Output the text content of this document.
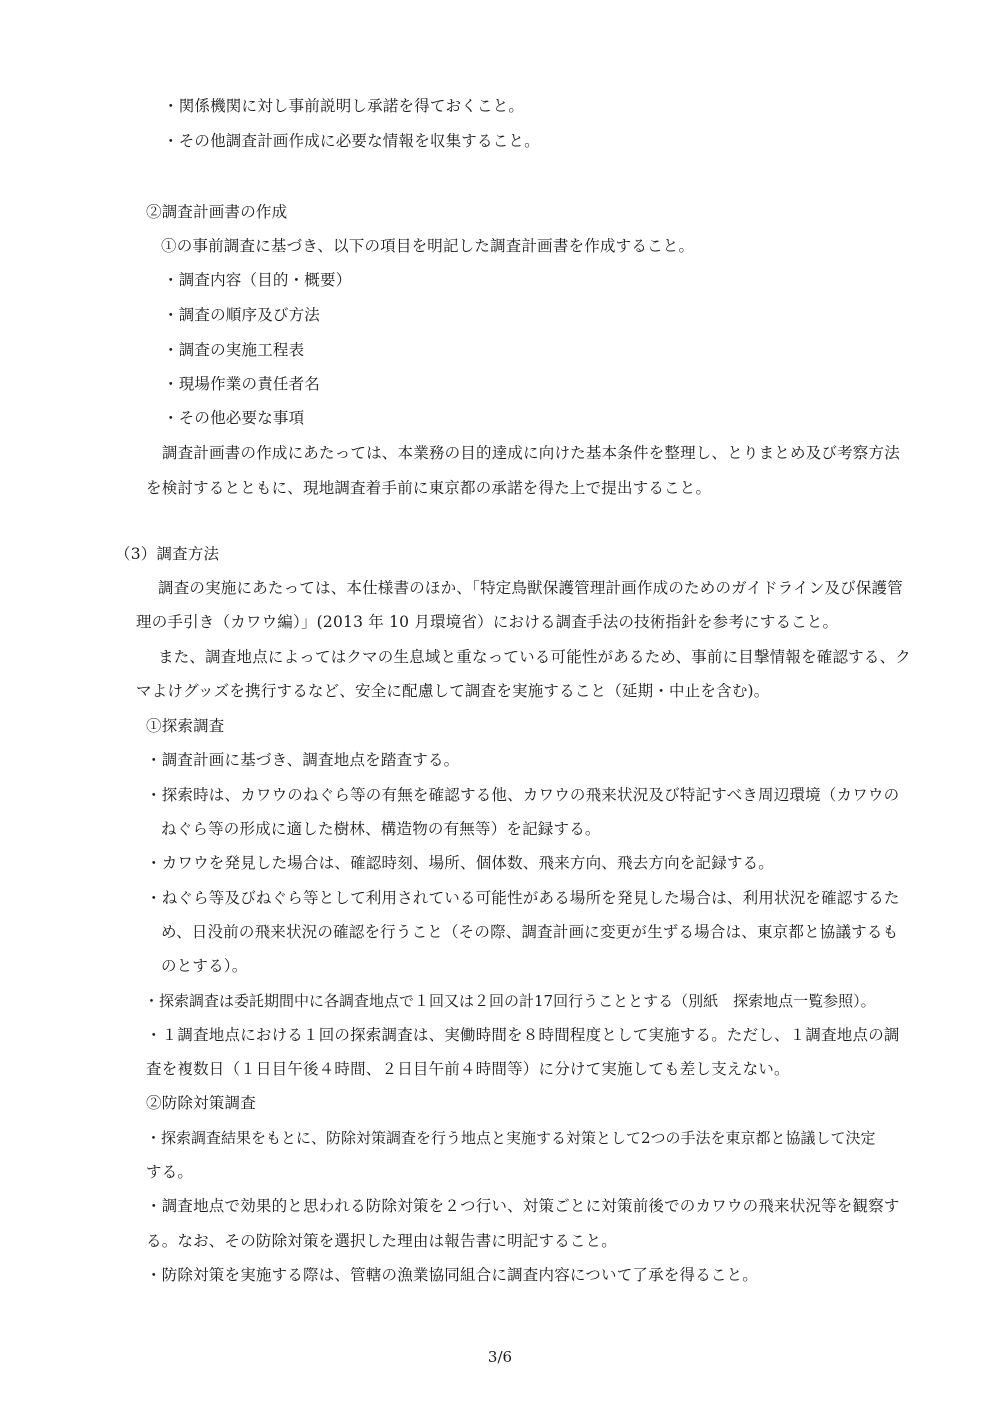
・関係機関に対し事前説明し承諾を得ておくこと。
・その他調査計画作成に必要な情報を収集すること。
②調査計画書の作成
①の事前調査に基づき、以下の項目を明記した調査計画書を作成すること。
・調査内容（目的・概要）
・調査の順序及び方法
・調査の実施工程表
・現場作業の責任者名
・その他必要な事項
調査計画書の作成にあたっては、本業務の目的達成に向けた基本条件を整理し、とりまとめ及び考察方法
を検討するとともに、現地調査着手前に東京都の承諾を得た上で提出すること。
（3）調査方法
調査の実施にあたっては、本仕様書のほか、「特定鳥獣保護管理計画作成のためのガイドライン及び保護管
理の手引き（カワウ編）」(2013 年 10 月環境省）における調査手法の技術指針を参考にすること。
また、調査地点によってはクマの生息域と重なっている可能性があるため、事前に目撃情報を確認する、ク
マよけグッズを携行するなど、安全に配慮して調査を実施すること（延期・中止を含む)。
①探索調査
・調査計画に基づき、調査地点を踏査する。
・探索時は、カワウのねぐら等の有無を確認する他、カワウの飛来状況及び特記すべき周辺環境（カワウの
ねぐら等の形成に適した樹林、構造物の有無等）を記録する。
・カワウを発見した場合は、確認時刻、場所、個体数、飛来方向、飛去方向を記録する。
・ねぐら等及びねぐら等として利用されている可能性がある場所を発見した場合は、利用状況を確認するた
め、日没前の飛来状況の確認を行うこと（その際、調査計画に変更が生ずる場合は、東京都と協議するも
のとする）。
・探索調査は委託期間中に各調査地点で１回又は２回の計17回行うこととする（別紙　探索地点一覧参照）。
・１調査地点における１回の探索調査は、実働時間を８時間程度として実施する。ただし、１調査地点の調
査を複数日（１日目午後４時間、２日目午前４時間等）に分けて実施しても差し支えない。
②防除対策調査
・探索調査結果をもとに、防除対策調査を行う地点と実施する対策として2つの手法を東京都と協議して決定
する。
・調査地点で効果的と思われる防除対策を２つ行い、対策ごとに対策前後でのカワウの飛来状況等を観察す
る。なお、その防除対策を選択した理由は報告書に明記すること。
・防除対策を実施する際は、管轄の漁業協同組合に調査内容について了承を得ること。
3/6
